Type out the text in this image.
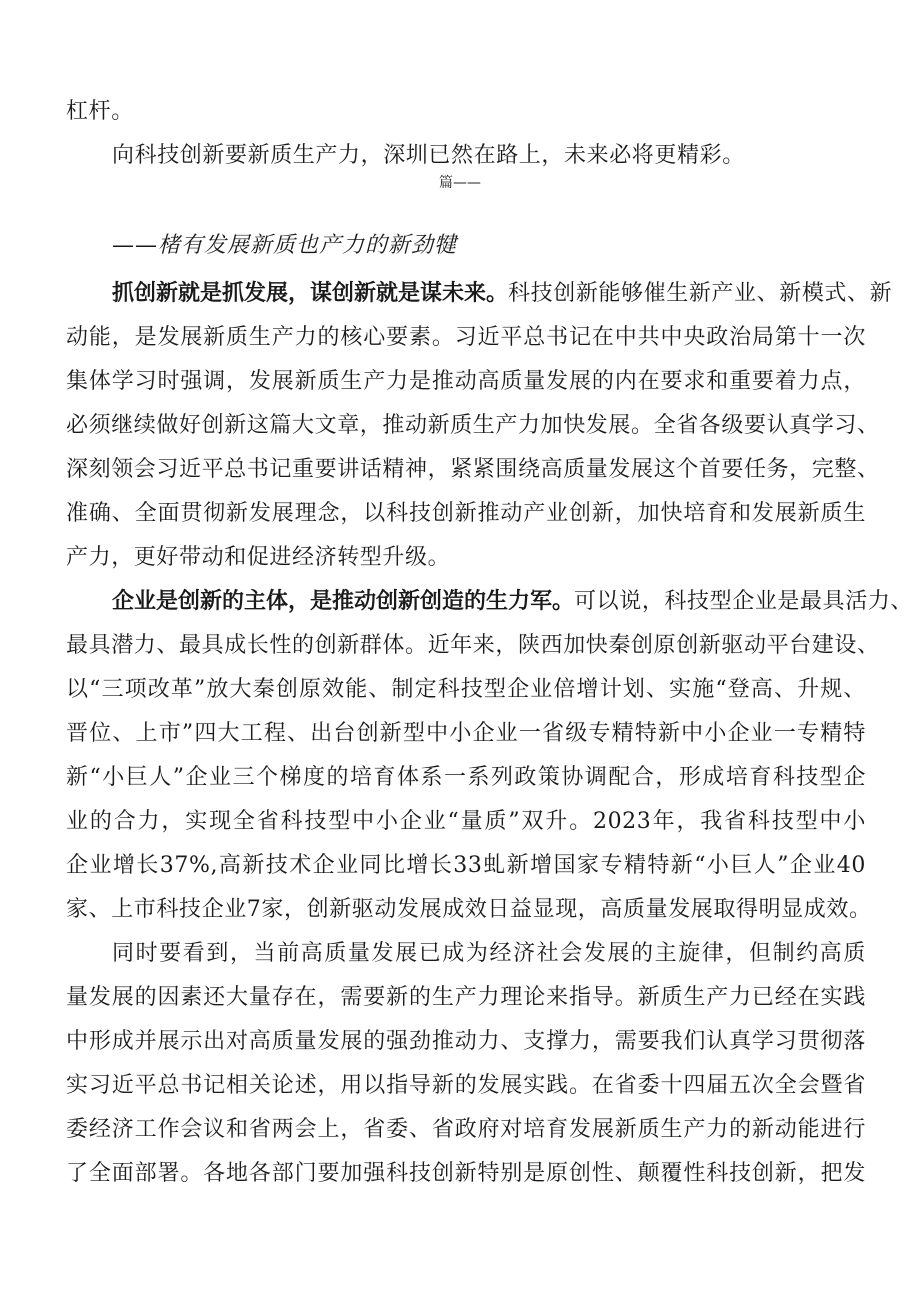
杠杆。
向科技创新要新质生产力，深圳已然在路上，未来必将更精彩。
篇——
——楮有发展新质也产力的新劲犍
抓创新就是抓发展，谋创新就是谋未来。科技创新能够催生新产业、新模式、新
动能，是发展新质生产力的核心要素。习近平总书记在中共中央政治局第十一次
集体学习时强调，发展新质生产力是推动高质量发展的内在要求和重要着力点，
必须继续做好创新这篇大文章，推动新质生产力加快发展。全省各级要认真学习、
深刻领会习近平总书记重要讲话精神，紧紧围绕高质量发展这个首要任务，完整、
准确、全面贯彻新发展理念，以科技创新推动产业创新，加快培育和发展新质生
产力，更好带动和促进经济转型升级。
企业是创新的主体，是推动创新创造的生力军。可以说，科技型企业是最具活力、
最具潜力、最具成长性的创新群体。近年来，陕西加快秦创原创新驱动平台建设、
以“三项改革”放大秦创原效能、制定科技型企业倍增计划、实施“登高、升规、
晋位、上市”四大工程、出台创新型中小企业一省级专精特新中小企业一专精特
新“小巨人”企业三个梯度的培育体系一系列政策协调配合，形成培育科技型企
业的合力，实现全省科技型中小企业“量质”双升。2023年，我省科技型中小
企业增长37%,高新技术企业同比增长33虬新增国家专精特新“小巨人”企业40
家、上市科技企业7家，创新驱动发展成效日益显现，高质量发展取得明显成效。
同时要看到，当前高质量发展已成为经济社会发展的主旋律，但制约高质
量发展的因素还大量存在，需要新的生产力理论来指导。新质生产力已经在实践
中形成并展示出对高质量发展的强劲推动力、支撑力，需要我们认真学习贯彻落
实习近平总书记相关论述，用以指导新的发展实践。在省委十四届五次全会暨省
委经济工作会议和省两会上，省委、省政府对培育发展新质生产力的新动能进行
了全面部署。各地各部门要加强科技创新特别是原创性、颠覆性科技创新，把发
